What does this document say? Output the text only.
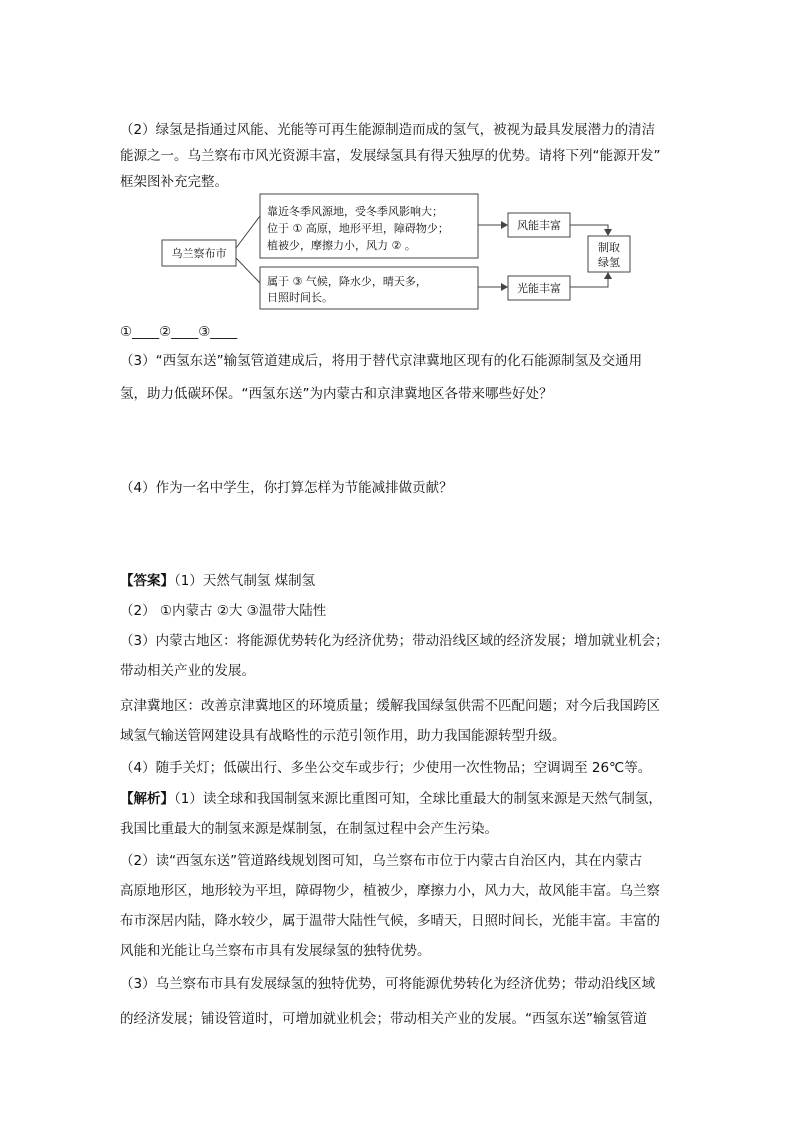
（2）绿氢是指通过风能、光能等可再生能源制造而成的氢气，被视为最具发展潜力的清洁
能源之一。乌兰察布市风光资源丰富，发展绿氢具有得天独厚的优势。请将下列“能源开发”
框架图补充完整。
乌兰察布市
靠近冬季风源地，受冬季风影响大；
位于 ① 高原，地形平坦，障碍物少；
植被少，摩擦力小，风力 ② 。
属于 ③ 气候，降水少，晴天多，
日照时间长。
风能丰富
光能丰富
制取
绿氢
①____②____③____
（3）“西氢东送”输氢管道建成后，将用于替代京津冀地区现有的化石能源制氢及交通用
氢，助力低碳环保。“西氢东送”为内蒙古和京津冀地区各带来哪些好处？
（4）作为一名中学生，你打算怎样为节能减排做贡献？
【答案】（1）天然气制氢 煤制氢
（2） ①内蒙古 ②大 ③温带大陆性
（3）内蒙古地区：将能源优势转化为经济优势；带动沿线区域的经济发展；增加就业机会；
带动相关产业的发展。
京津冀地区：改善京津冀地区的环境质量；缓解我国绿氢供需不匹配问题；对今后我国跨区
域氢气输送管网建设具有战略性的示范引领作用，助力我国能源转型升级。
（4）随手关灯；低碳出行、多坐公交车或步行；少使用一次性物品；空调调至 26℃等。
【解析】（1）读全球和我国制氢来源比重图可知，全球比重最大的制氢来源是天然气制氢，
我国比重最大的制氢来源是煤制氢，在制氢过程中会产生污染。
（2）读“西氢东送”管道路线规划图可知，乌兰察布市位于内蒙古自治区内，其在内蒙古
高原地形区，地形较为平坦，障碍物少，植被少，摩擦力小，风力大，故风能丰富。乌兰察
布市深居内陆，降水较少，属于温带大陆性气候，多晴天，日照时间长，光能丰富。丰富的
风能和光能让乌兰察布市具有发展绿氢的独特优势。
（3）乌兰察布市具有发展绿氢的独特优势，可将能源优势转化为经济优势；带动沿线区域
的经济发展；铺设管道时，可增加就业机会；带动相关产业的发展。“西氢东送”输氢管道
